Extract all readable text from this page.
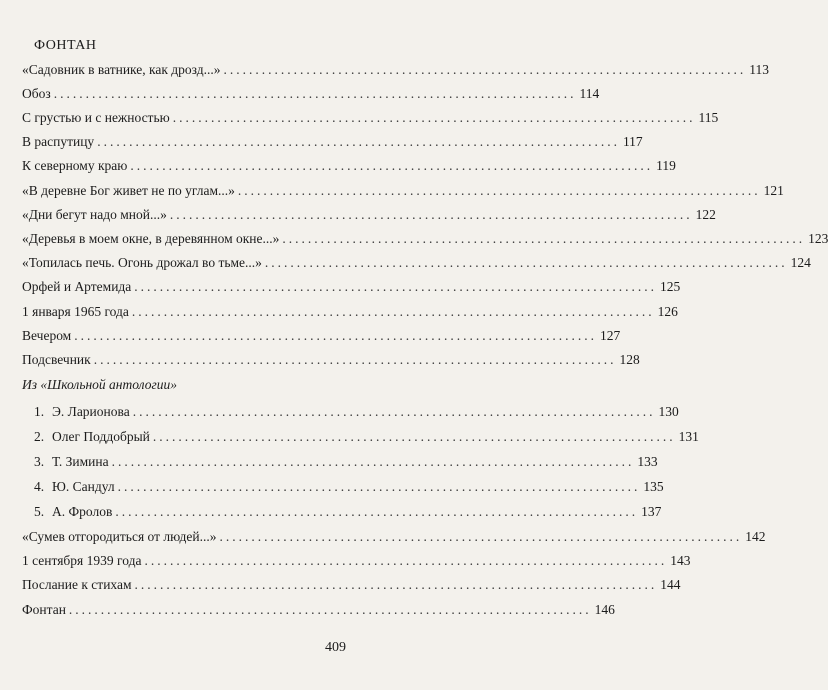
ФОНТАН
«Садовник в ватнике, как дрозд...» .................................................................................. 113
Обоз .................................................................................. 114
С грустью и с нежностью .................................................................................. 115
В распутицу .................................................................................. 117
К северному краю .................................................................................. 119
«В деревне Бог живет не по углам...» .................................................................................. 121
«Дни бегут надо мной...» .................................................................................. 122
«Деревья в моем окне, в деревянном окне...» .................................................................................. 123
«Топилась печь. Огонь дрожал во тьме...» .................................................................................. 124
Орфей и Артемида .................................................................................. 125
1 января 1965 года .................................................................................. 126
Вечером .................................................................................. 127
Подсвечник .................................................................................. 128
Из «Школьной антологии»
1. Э. Ларионова .................................................................................. 130
2. Олег Поддобрый .................................................................................. 131
3. Т. Зимина .................................................................................. 133
4. Ю. Сандул .................................................................................. 135
5. А. Фролов .................................................................................. 137
«Сумев отгородиться от людей...» .................................................................................. 142
1 сентября 1939 года .................................................................................. 143
Послание к стихам .................................................................................. 144
Фонтан .................................................................................. 146
409
